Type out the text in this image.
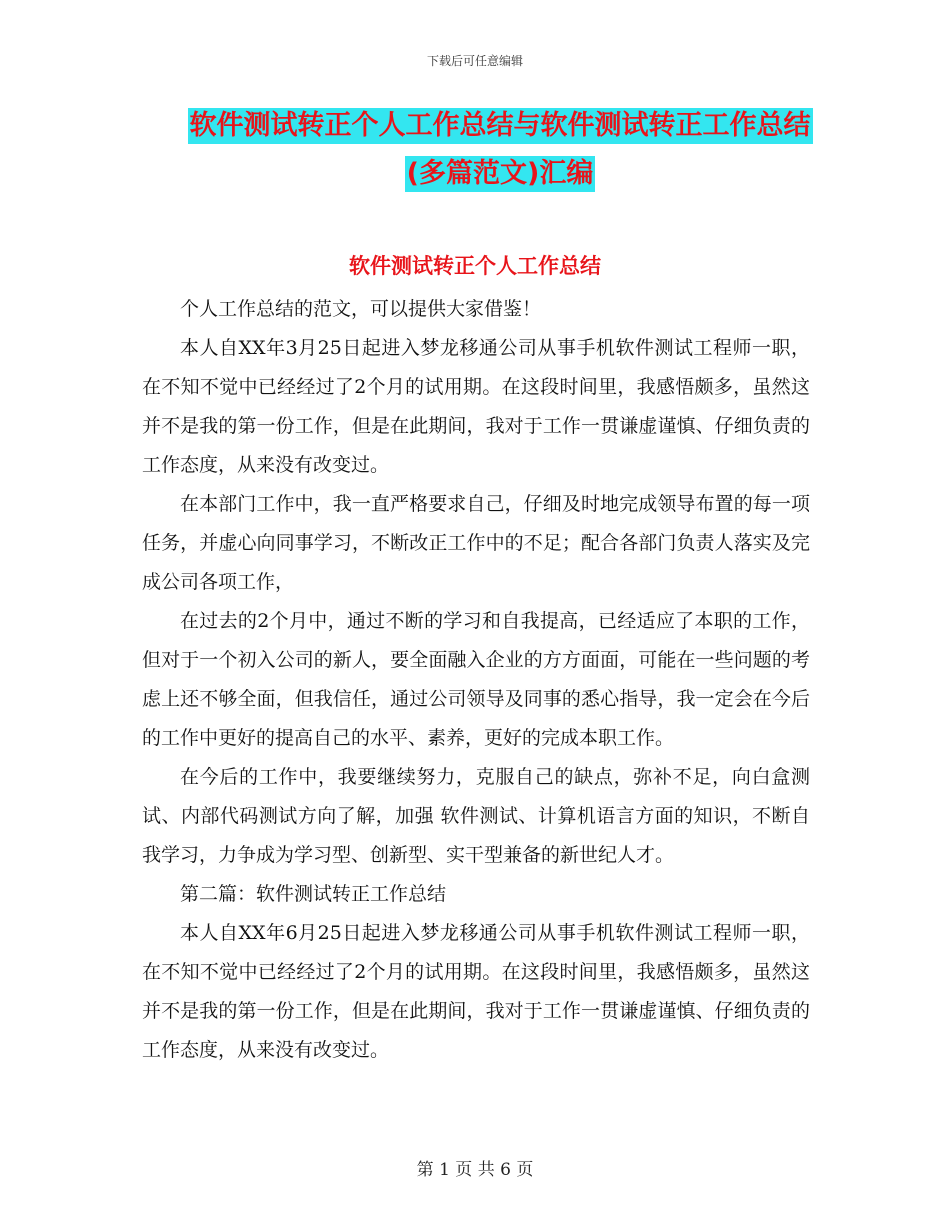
下载后可任意编辑
软件测试转正个人工作总结与软件测试转正工作总结
(多篇范文)汇编
软件测试转正个人工作总结

个人工作总结的范文，可以提供大家借鉴！

本人自XX年3月25日起进入梦龙移通公司从事手机软件测试工程师一职，在不知不觉中已经经过了2个月的试用期。在这段时间里，我感悟颇多，虽然这并不是我的第一份工作，但是在此期间，我对于工作一贯谦虚谨慎、仔细负责的工作态度，从来没有改变过。

在本部门工作中，我一直严格要求自己，仔细及时地完成领导布置的每一项任务，并虚心向同事学习，不断改正工作中的不足；配合各部门负责人落实及完成公司各项工作，

在过去的2个月中，通过不断的学习和自我提高，已经适应了本职的工作，但对于一个初入公司的新人，要全面融入企业的方方面面，可能在一些问题的考虑上还不够全面，但我信任，通过公司领导及同事的悉心指导，我一定会在今后的工作中更好的提高自己的水平、素养，更好的完成本职工作。

在今后的工作中，我要继续努力，克服自己的缺点，弥补不足，向白盒测试、内部代码测试方向了解，加强 软件测试、计算机语言方面的知识，不断自我学习，力争成为学习型、创新型、实干型兼备的新世纪人才。

第二篇：软件测试转正工作总结

本人自XX年6月25日起进入梦龙移通公司从事手机软件测试工程师一职，在不知不觉中已经经过了2个月的试用期。在这段时间里，我感悟颇多，虽然这并不是我的第一份工作，但是在此期间，我对于工作一贯谦虚谨慎、仔细负责的工作态度，从来没有改变过。

第 1 页 共 6 页
